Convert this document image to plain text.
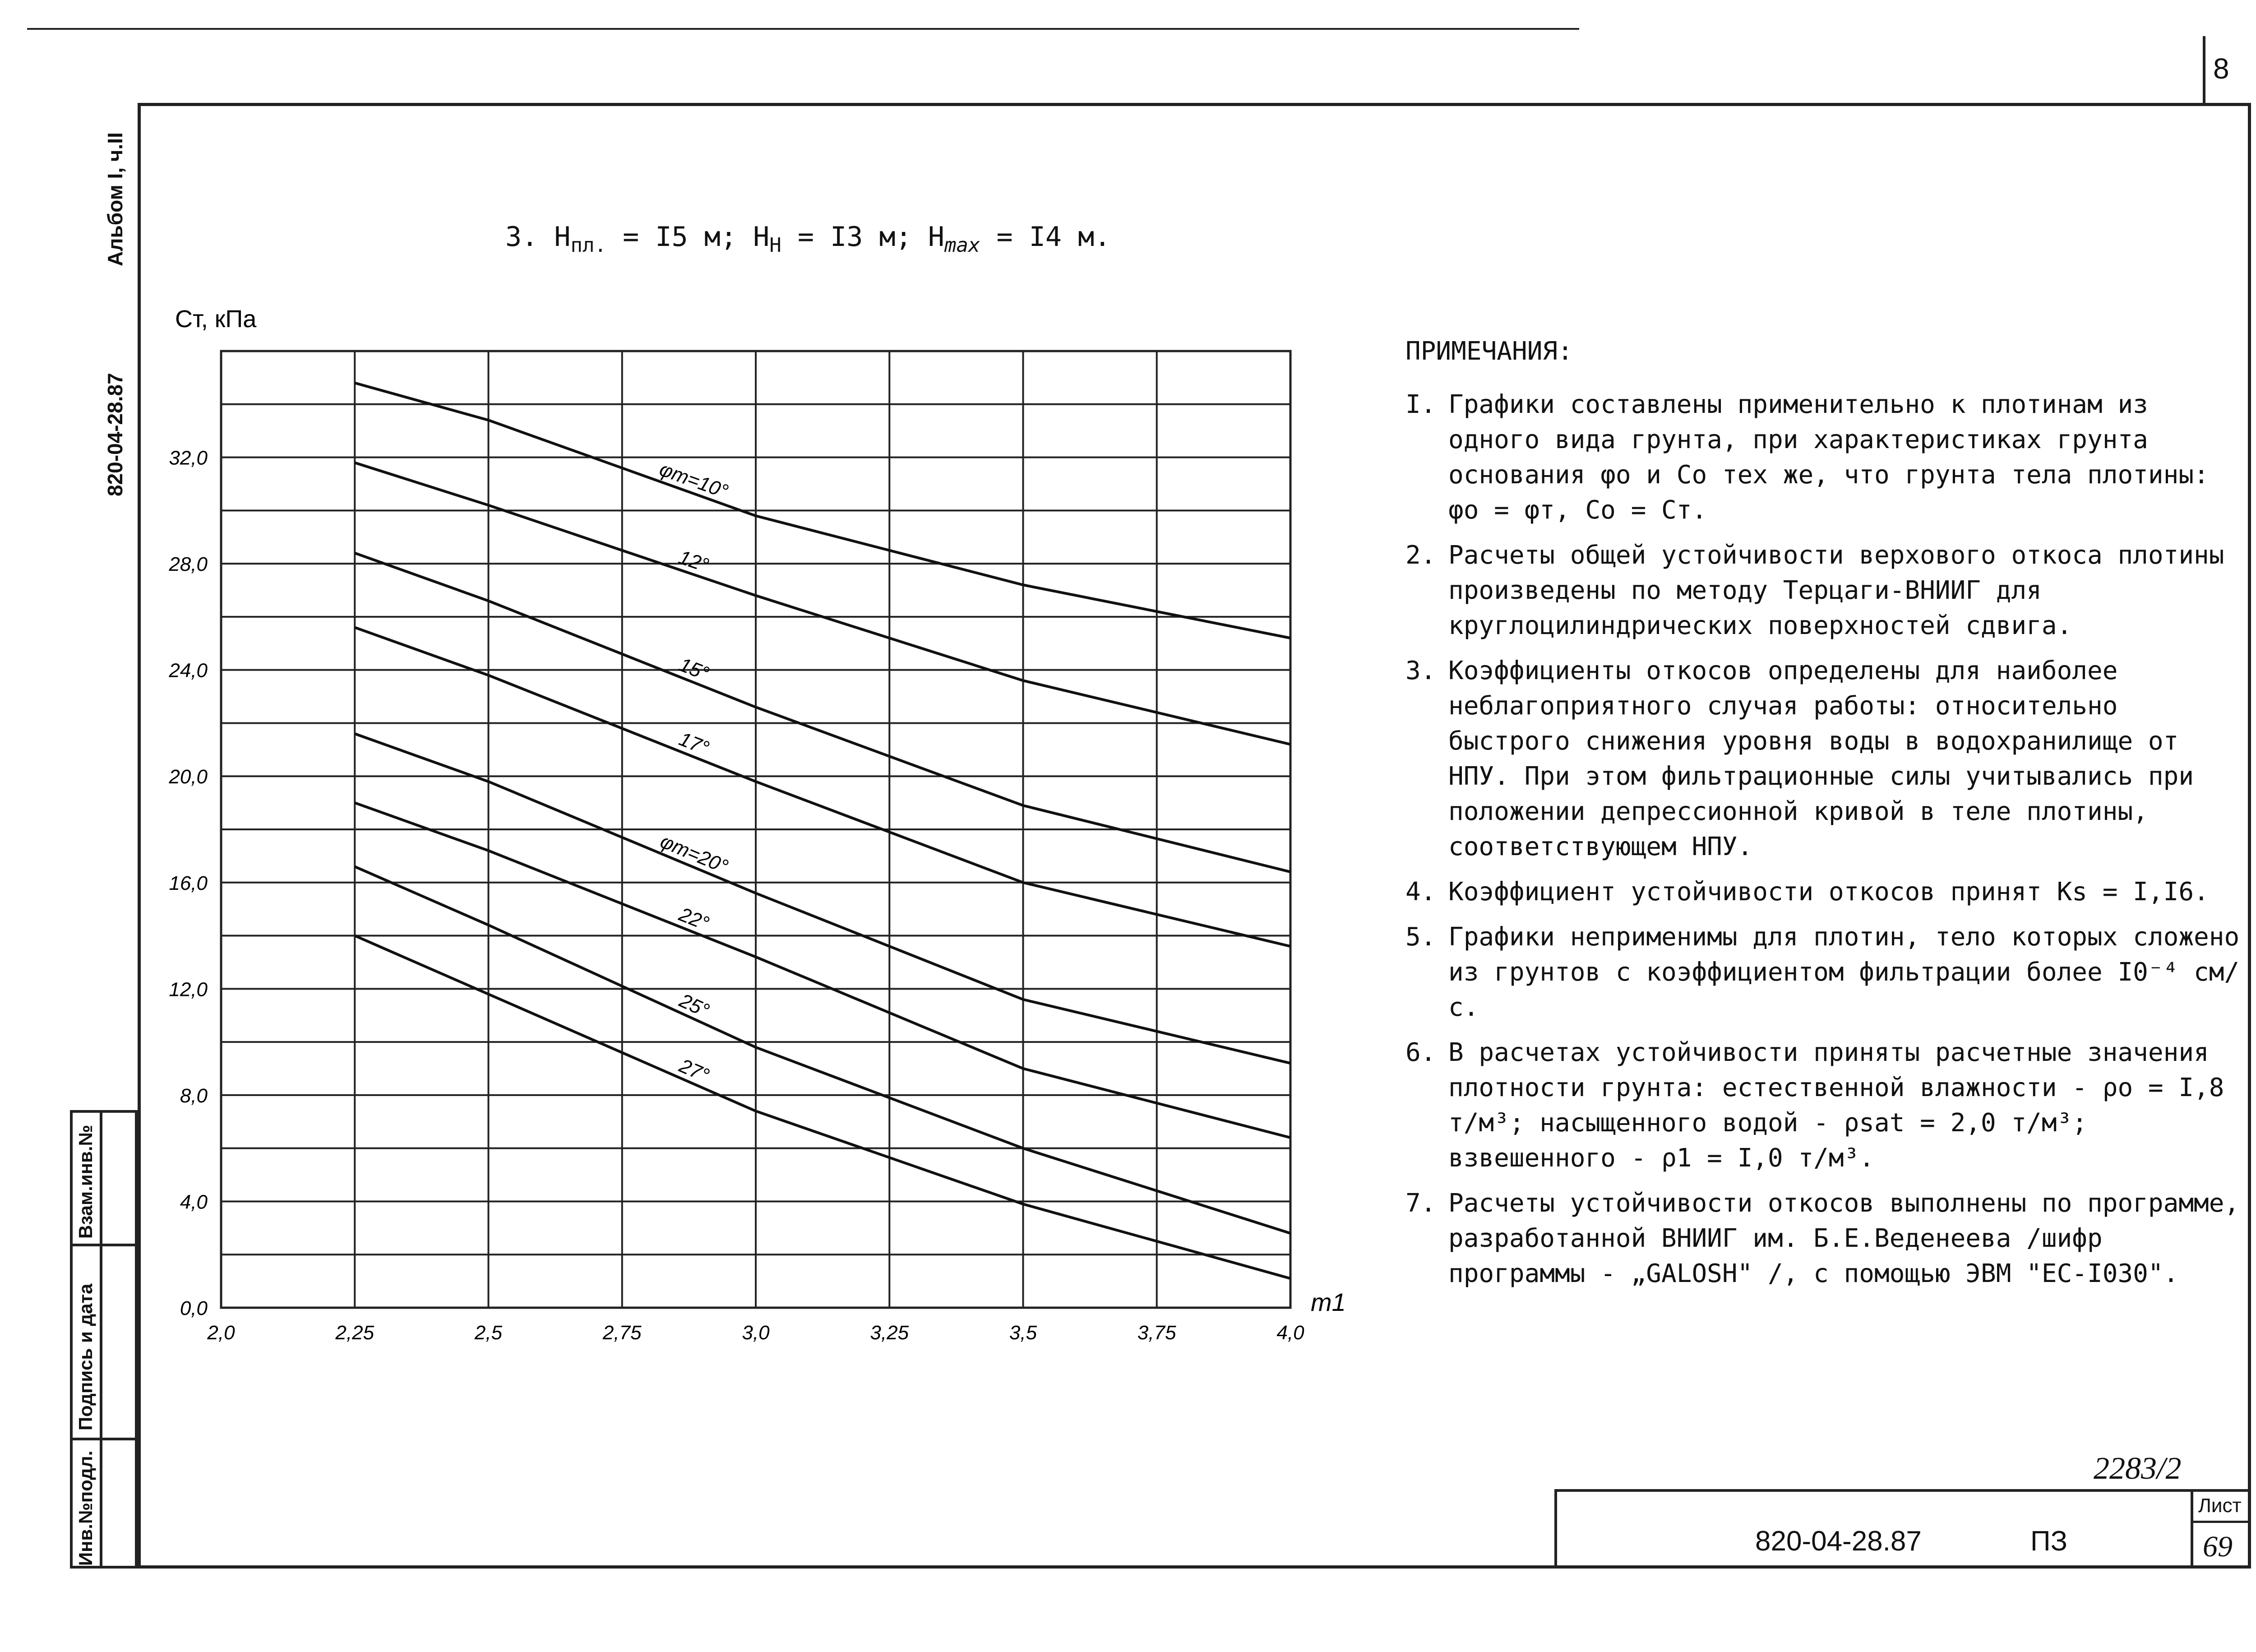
8
Альбом I, ч.II
820-04-28.87
Взам.инв.№
Подпись и дата
Инв.№подл.
3. $H_{пл.} = I5$ м; $H_H = I3$ м; $H_{max} = I4$ м.
2,0	2,25	2,5	2,75	3,0	3,25	3,5	3,75	4,0
0,0
4,0
8,0
12,0
16,0
20,0
24,0
28,0
32,0
Cт, кПа
m1
φт=10°
12°
15°
17°
φт=20°
22°
25°
27°
ПРИМЕЧАНИЯ:
I. Графики составлены применительно к плотинам из одного вида грунта, при характеристиках грунта основания φo и Co тех же, что грунта тела плотины: φo = φт, Co = Cт.
2. Расчеты общей устойчивости верхового откоса плотины произведены по методу Терцаги-ВНИИГ для круглоцилиндрических поверхностей сдвига.
3. Коэффициенты откосов определены для наиболее неблагоприятного случая работы: относительно быстрого снижения уровня воды в водохранилище от НПУ. При этом фильтрационные силы учитывались при положении депрессионной кривой в теле плотины, соответствующем НПУ.
4. Коэффициент устойчивости откосов принят Ks = I,I6.
5. Графики неприменимы для плотин, тело которых сложено из грунтов с коэффициентом фильтрации более I0⁻⁴ см/с.
6. В расчетах устойчивости приняты расчетные значения плотности грунта: естественной влажности - ρo = I,8 т/м³; насыщенного водой - ρsat = 2,0 т/м³; взвешенного - ρ1 = I,0 т/м³.
7. Расчеты устойчивости откосов выполнены по программе, разработанной ВНИИГ им. Б.Е.Веденеева /шифр программы - „GALOSH" /, с помощью ЭВМ "ЕС-I030".
2283/2
820-04-28.87	ПЗ
Лист
69
